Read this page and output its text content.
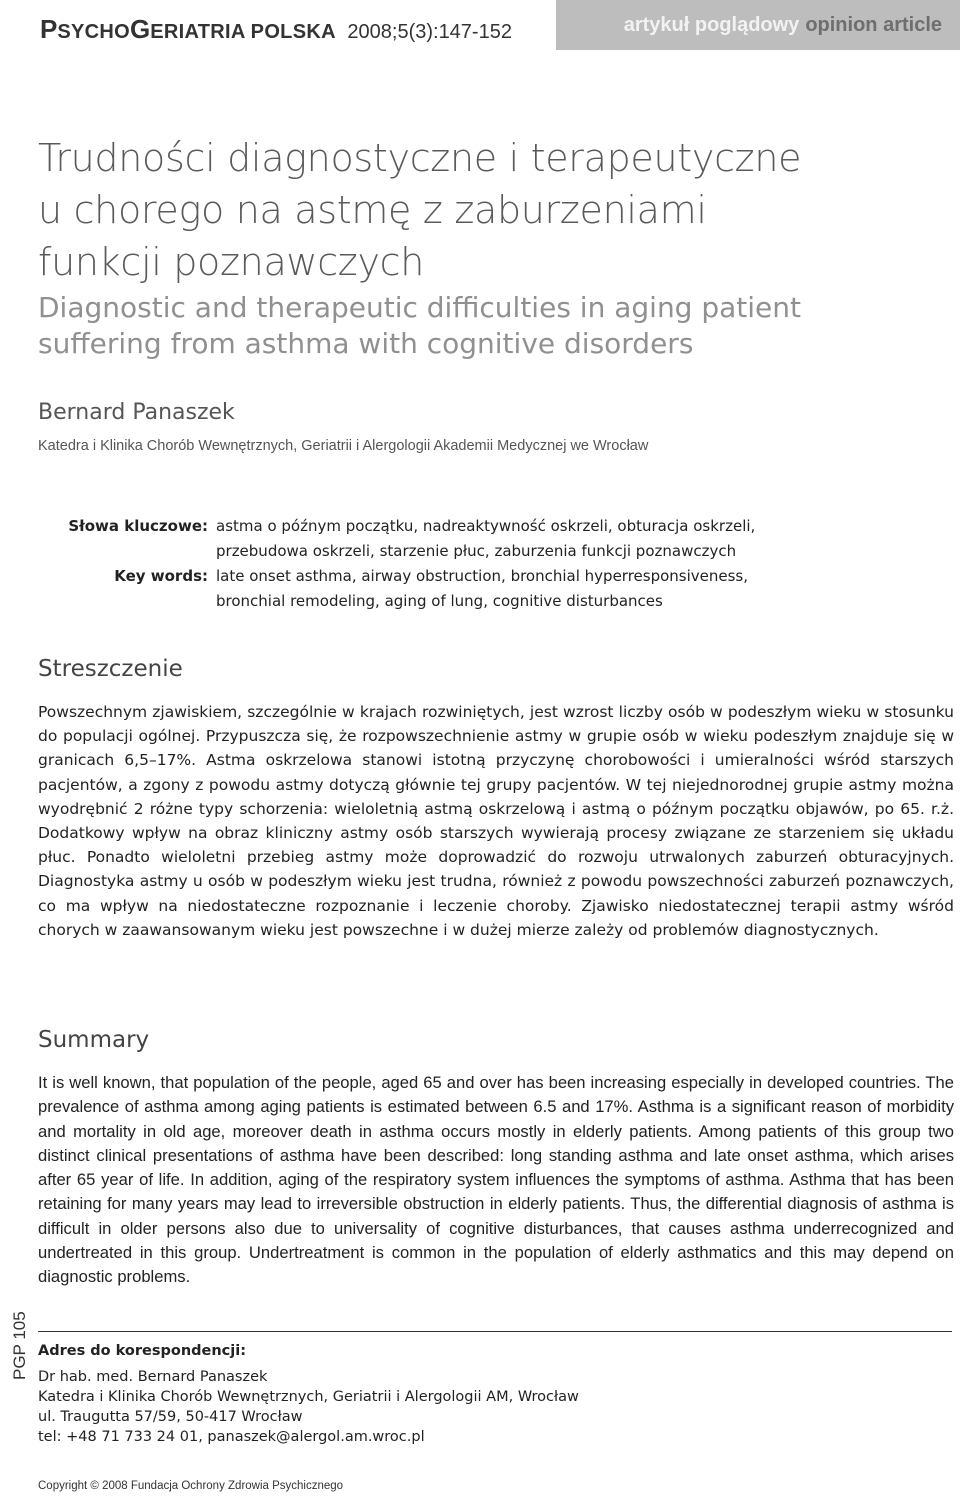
PSYCHOGERIATRIA POLSKA 2008;5(3):147-152	artykuł poglądowy opinion article
Trudności diagnostyczne i terapeutyczne
u chorego na astmę z zaburzeniami
funkcji poznawczych
Diagnostic and therapeutic difficulties in aging patient
suffering from asthma with cognitive disorders
Bernard Panaszek
Katedra i Klinika Chorób Wewnętrznych, Geriatrii i Alergologii Akademii Medycznej we Wrocław
Słowa kluczowe: astma o późnym początku, nadreaktywność oskrzeli, obturacja oskrzeli,
przebudowa oskrzeli, starzenie płuc, zaburzenia funkcji poznawczych
Key words: late onset asthma, airway obstruction, bronchial hyperresponsiveness,
bronchial remodeling, aging of lung, cognitive disturbances
Streszczenie
Powszechnym zjawiskiem, szczególnie w krajach rozwiniętych, jest wzrost liczby osób w podeszłym wieku w stosunku do populacji ogólnej. Przypuszcza się, że rozpowszechnienie astmy w grupie osób w wieku podeszłym znajduje się w granicach 6,5–17%. Astma oskrzelowa stanowi istotną przyczynę chorobowości i umieralności wśród starszych pacjentów, a zgony z powodu astmy dotyczą głównie tej grupy pacjentów. W tej niejednorodnej grupie astmy można wyodrębnić 2 różne typy schorzenia: wieloletnią astmą oskrzelową i astmą o późnym początku objawów, po 65. r.ż. Dodatkowy wpływ na obraz kliniczny astmy osób starszych wywierają procesy związane ze starzeniem się układu płuc. Ponadto wieloletni przebieg astmy może doprowadzić do rozwoju utrwalonych zaburzeń obturacyjnych. Diagnostyka astmy u osób w podeszłym wieku jest trudna, również z powodu powszechności zaburzeń poznawczych, co ma wpływ na niedostateczne rozpoznanie i leczenie choroby. Zjawisko niedostatecznej terapii astmy wśród chorych w zaawansowanym wieku jest powszechne i w dużej mierze zależy od problemów diagnostycznych.
Summary
It is well known, that population of the people, aged 65 and over has been increasing especially in developed countries. The prevalence of asthma among aging patients is estimated between 6.5 and 17%. Asthma is a significant reason of morbidity and mortality in old age, moreover death in asthma occurs mostly in elderly patients. Among patients of this group two distinct clinical presentations of asthma have been described: long standing asthma and late onset asthma, which arises after 65 year of life. In addition, aging of the respiratory system influences the symptoms of asthma. Asthma that has been retaining for many years may lead to irreversible obstruction in elderly patients. Thus, the differential diagnosis of asthma is difficult in older persons also due to universality of cognitive disturbances, that causes asthma underrecognized and undertreated in this group. Undertreatment is common in the population of elderly asthmatics and this may depend on diagnostic problems.
Adres do korespondencji:
Dr hab. med. Bernard Panaszek
Katedra i Klinika Chorób Wewnętrznych, Geriatrii i Alergologii AM, Wrocław
ul. Traugutta 57/59, 50-417 Wrocław
tel: +48 71 733 24 01, panaszek@alergol.am.wroc.pl
PGP 105
Copyright © 2008 Fundacja Ochrony Zdrowia Psychicznego
